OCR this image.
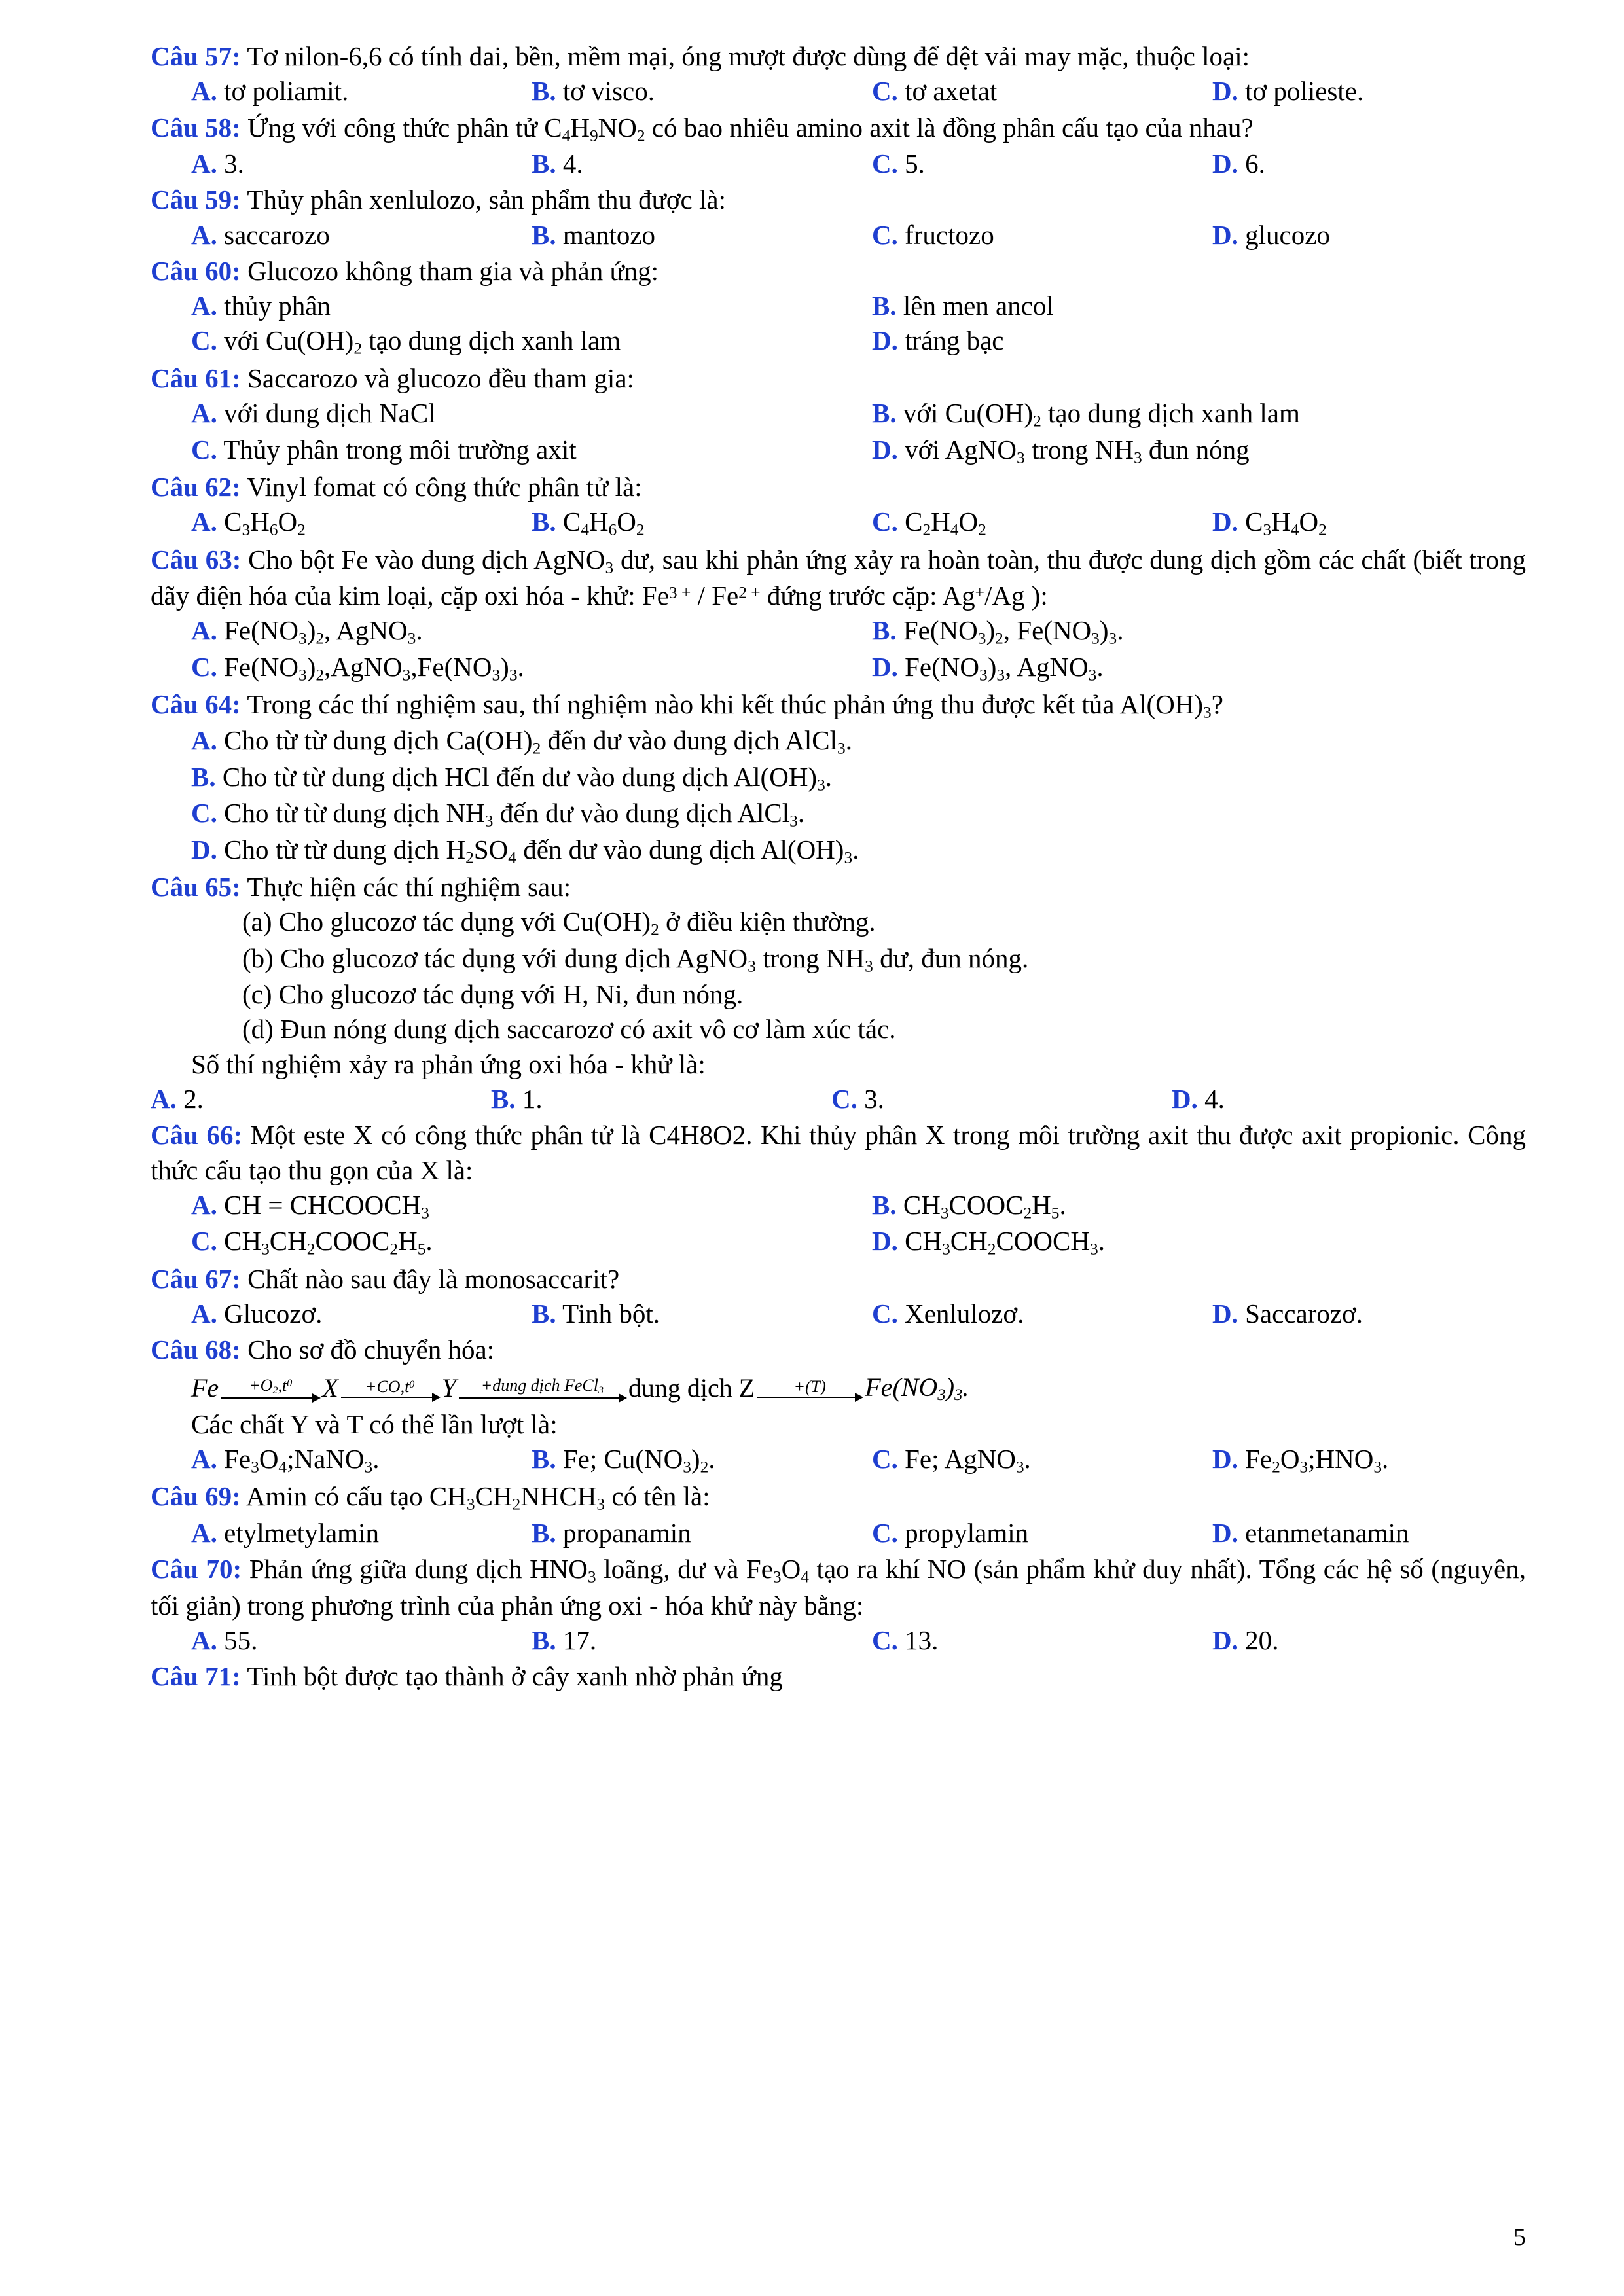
Câu 57: Tơ nilon-6,6 có tính dai, bền, mềm mại, óng mượt được dùng để dệt vải may mặc, thuộc loại:

A. tơ poliamit.	B. tơ visco.	C. tơ axetat	D. tơ polieste.

Câu 58: Ứng với công thức phân tử $C_4H_9NO_2$ có bao nhiêu amino axit là đồng phân cấu tạo của nhau?

A. 3.	B. 4.	C. 5.	D. 6.

Câu 59: Thủy phân xenlulozo, sản phẩm thu được là:

A. saccarozo	B. mantozo	C. fructozo	D. glucozo

Câu 60: Glucozo không tham gia và phản ứng:

A. thủy phân	B. lên men ancol
C. với $Cu(OH)_2$ tạo dung dịch xanh lam	D. tráng bạc

Câu 61: Saccarozo và glucozo đều tham gia:

A. với dung dịch NaCl	B. với $Cu(OH)_2$ tạo dung dịch xanh lam
C. Thủy phân trong môi trường axit	D. với AgNO$_3$ trong $NH_3$ đun nóng

Câu 62: Vinyl fomat có công thức phân tử là:

A. $C_3H_6O_2$	B. $C_4H_6O_2$	C. $C_2H_4O_2$	D. $C_3H_4O_2$

Câu 63: Cho bột Fe vào dung dịch AgNO$_3$ dư, sau khi phản ứng xảy ra hoàn toàn, thu được dung dịch gồm các chất (biết trong dãy điện hóa của kim loại, cặp oxi hóa - khử: $Fe^{3 +} / Fe^{2 +}$ đứng trước cặp: Ag+/Ag ):

A. $Fe(NO_3)_2$, AgNO$_3$.	B. $Fe(NO_3)_2$, $Fe(NO_3)_3$.
C. $Fe(NO_3)_2,AgNO_3,Fe(NO_3)_3$.	D. $Fe(NO_3)_3$, AgNO$_3$.

Câu 64: Trong các thí nghiệm sau, thí nghiệm nào khi kết thúc phản ứng thu được kết tủa $Al(OH)_3$?

A. Cho từ từ dung dịch $Ca(OH)_2$ đến dư vào dung dịch AlCl$_3$.

B. Cho từ từ dung dịch HCl đến dư vào dung dịch $Al(OH)_3$.

C. Cho từ từ dung dịch $NH_3$ đến dư vào dung dịch AlCl$_3$.

D. Cho từ từ dung dịch $H_2SO_4$ đến dư vào dung dịch $Al(OH)_3$.

Câu 65: Thực hiện các thí nghiệm sau:

(a) Cho glucozơ tác dụng với $Cu(OH)_2$ ở điều kiện thường.

(b) Cho glucozơ tác dụng với dung dịch AgNO$_3$ trong $NH_3$ dư, đun nóng.

(c) Cho glucozơ tác dụng với H, Ni, đun nóng.

(d) Đun nóng dung dịch saccarozơ có axit vô cơ làm xúc tác.

Số thí nghiệm xảy ra phản ứng oxi hóa - khử là:

A. 2.	B. 1.	C. 3.	D. 4.

Câu 66: Một este X có công thức phân tử là C4H8O2. Khi thủy phân X trong môi trường axit thu được axit propionic. Công thức cấu tạo thu gọn của X là:

A. CH = $CHCOOCH_3$	B. $CH_3COOC_2H_5$.
C. $CH_3CH_2COOC_2H_5$.	D. $CH_3CH_2COOCH_3$.

Câu 67: Chất nào sau đây là monosaccarit?

A. Glucozơ.	B. Tinh bột.	C. Xenlulozơ.	D. Saccarozơ.

Câu 68: Cho sơ đồ chuyển hóa:

Fe	$+O_2,t^0$	X	$+CO,t^0$	Y	+dung dịch FeCl$_3$ dung dịch Z	+(T)	$Fe(NO_3)_3$.

Các chất Y và T có thể lần lượt là:

A. $Fe_3O_4;NaNO_3$.	B. Fe; $Cu(NO_3)_2$.	C. Fe; AgNO$_3$.	D. $Fe_2O_3;HNO_3$.

Câu 69: Amin có cấu tạo $CH_3CH_2NHCH_3$ có tên là:

A. etylmetylamin	B. propanamin	C. propylamin	D. etanmetanamin

Câu 70: Phản ứng giữa dung dịch $HNO_3$ loãng, dư và $Fe_3O_4$ tạo ra khí NO (sản phẩm khử duy nhất). Tổng các hệ số (nguyên, tối giản) trong phương trình của phản ứng oxi - hóa khử này bằng:

A. 55.	B. 17.	C. 13.	D. 20.

Câu 71: Tinh bột được tạo thành ở cây xanh nhờ phản ứng

5
